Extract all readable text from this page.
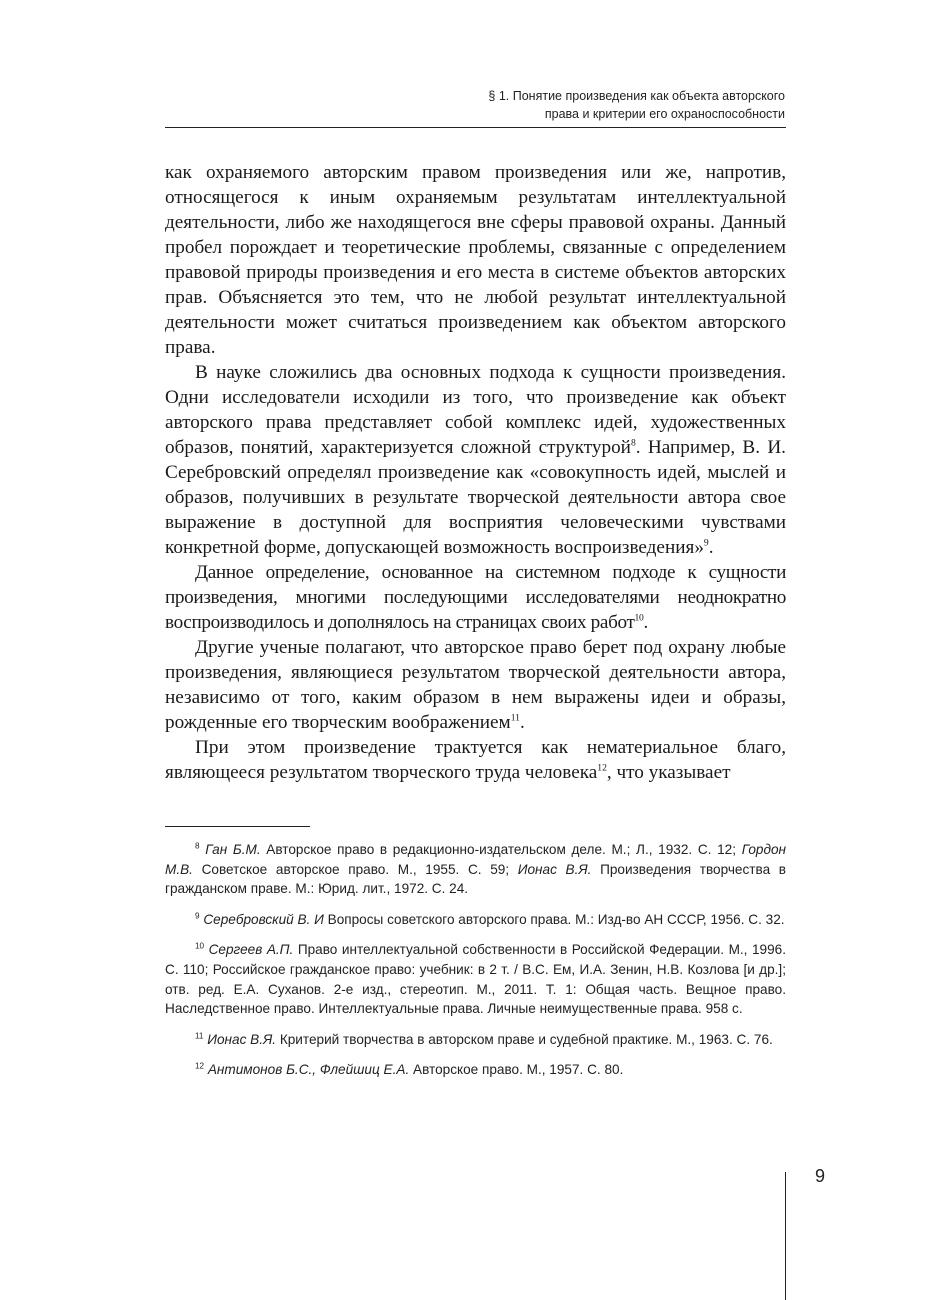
§ 1. Понятие произведения как объекта авторского
права и критерии его охраноспособности

как охраняемого авторским правом произведения или же, напротив, относящегося к иным охраняемым результатам интеллектуальной деятельности, либо же находящегося вне сферы правовой охраны. Данный пробел порождает и теоретические проблемы, связанные с определением правовой природы произведения и его места в системе объектов авторских прав. Объясняется это тем, что не любой результат интеллектуальной деятельности может считаться произведением как объектом авторского права.

В науке сложились два основных подхода к сущности произведения. Одни исследователи исходили из того, что произведение как объект авторского права представляет собой комплекс идей, художественных образов, понятий, характеризуется сложной структурой$^8$. Например, В. И. Серебровский определял произведение как «совокупность идей, мыслей и образов, получивших в результате творческой деятельности автора свое выражение в доступной для восприятия человеческими чувствами конкретной форме, допускающей возможность воспроизведения»$^9$.

Данное определение, основанное на системном подходе к сущности произведения, многими последующими исследователями неоднократно воспроизводилось и дополнялось на страницах своих работ$^{10}$.

Другие ученые полагают, что авторское право берет под охрану любые произведения, являющиеся результатом творческой деятельности автора, независимо от того, каким образом в нем выражены идеи и образы, рожденные его творческим воображением$^{11}$.

При этом произведение трактуется как нематериальное благо, являющееся результатом творческого труда человека$^{12}$, что указывает

$^8$ Ган Б.М. Авторское право в редакционно-издательском деле. М.; Л., 1932. С. 12; Гордон М.В. Советское авторское право. М., 1955. С. 59; Ионас В.Я. Произведения творчества в гражданском праве. М.: Юрид. лит., 1972. С. 24.

$^9$ Серебровский В. И Вопросы советского авторского права. М.: Изд-во АН СССР, 1956. С. 32.

$^{10}$ Сергеев А.П. Право интеллектуальной собственности в Российской Федерации. М., 1996. С. 110; Российское гражданское право: учебник: в 2 т. / В.С. Ем, И.А. Зенин, Н.В. Козлова [и др.]; отв. ред. Е.А. Суханов. 2-е изд., стереотип. М., 2011. Т. 1: Общая часть. Вещное право. Наследственное право. Интеллектуальные права. Личные неимущественные права. 958 с.

$^{11}$ Ионас В.Я. Критерий творчества в авторском праве и судебной практике. М., 1963. С. 76.

$^{12}$ Антимонов Б.С., Флейшиц Е.А. Авторское право. М., 1957. С. 80.

9
